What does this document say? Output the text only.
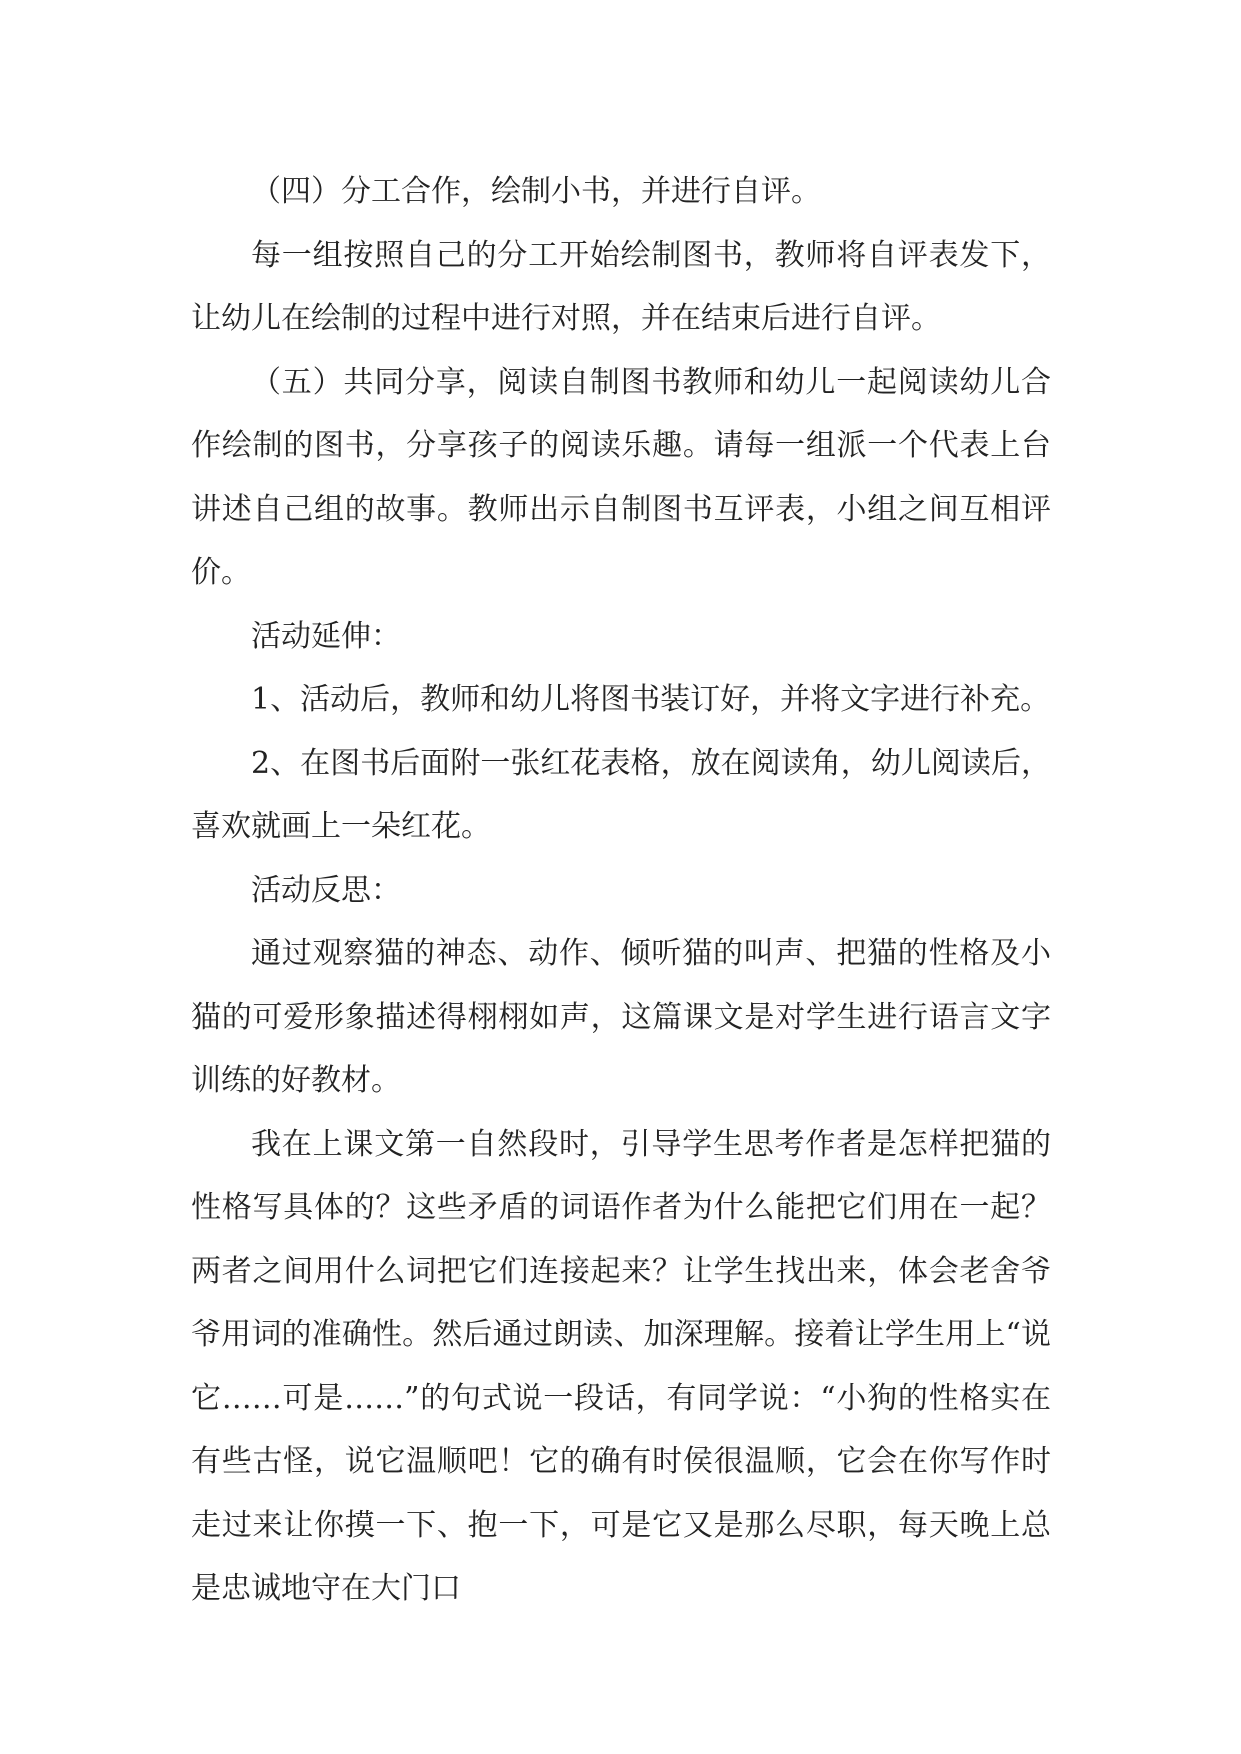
（四）分工合作，绘制小书，并进行自评。

每一组按照自己的分工开始绘制图书，教师将自评表发下，让幼儿在绘制的过程中进行对照，并在结束后进行自评。

（五）共同分享，阅读自制图书教师和幼儿一起阅读幼儿合作绘制的图书，分享孩子的阅读乐趣。请每一组派一个代表上台讲述自己组的故事。教师出示自制图书互评表，小组之间互相评价。

活动延伸：

1、活动后，教师和幼儿将图书装订好，并将文字进行补充。

2、在图书后面附一张红花表格，放在阅读角，幼儿阅读后，喜欢就画上一朵红花。

活动反思：

通过观察猫的神态、动作、倾听猫的叫声、把猫的性格及小猫的可爱形象描述得栩栩如声，这篇课文是对学生进行语言文字训练的好教材。

我在上课文第一自然段时，引导学生思考作者是怎样把猫的性格写具体的？这些矛盾的词语作者为什么能把它们用在一起？两者之间用什么词把它们连接起来？让学生找出来，体会老舍爷爷用词的准确性。然后通过朗读、加深理解。接着让学生用上“说它……可是……”的句式说一段话，有同学说：“小狗的性格实在有些古怪，说它温顺吧！它的确有时侯很温顺，它会在你写作时走过来让你摸一下、抱一下，可是它又是那么尽职，每天晚上总是忠诚地守在大门口
